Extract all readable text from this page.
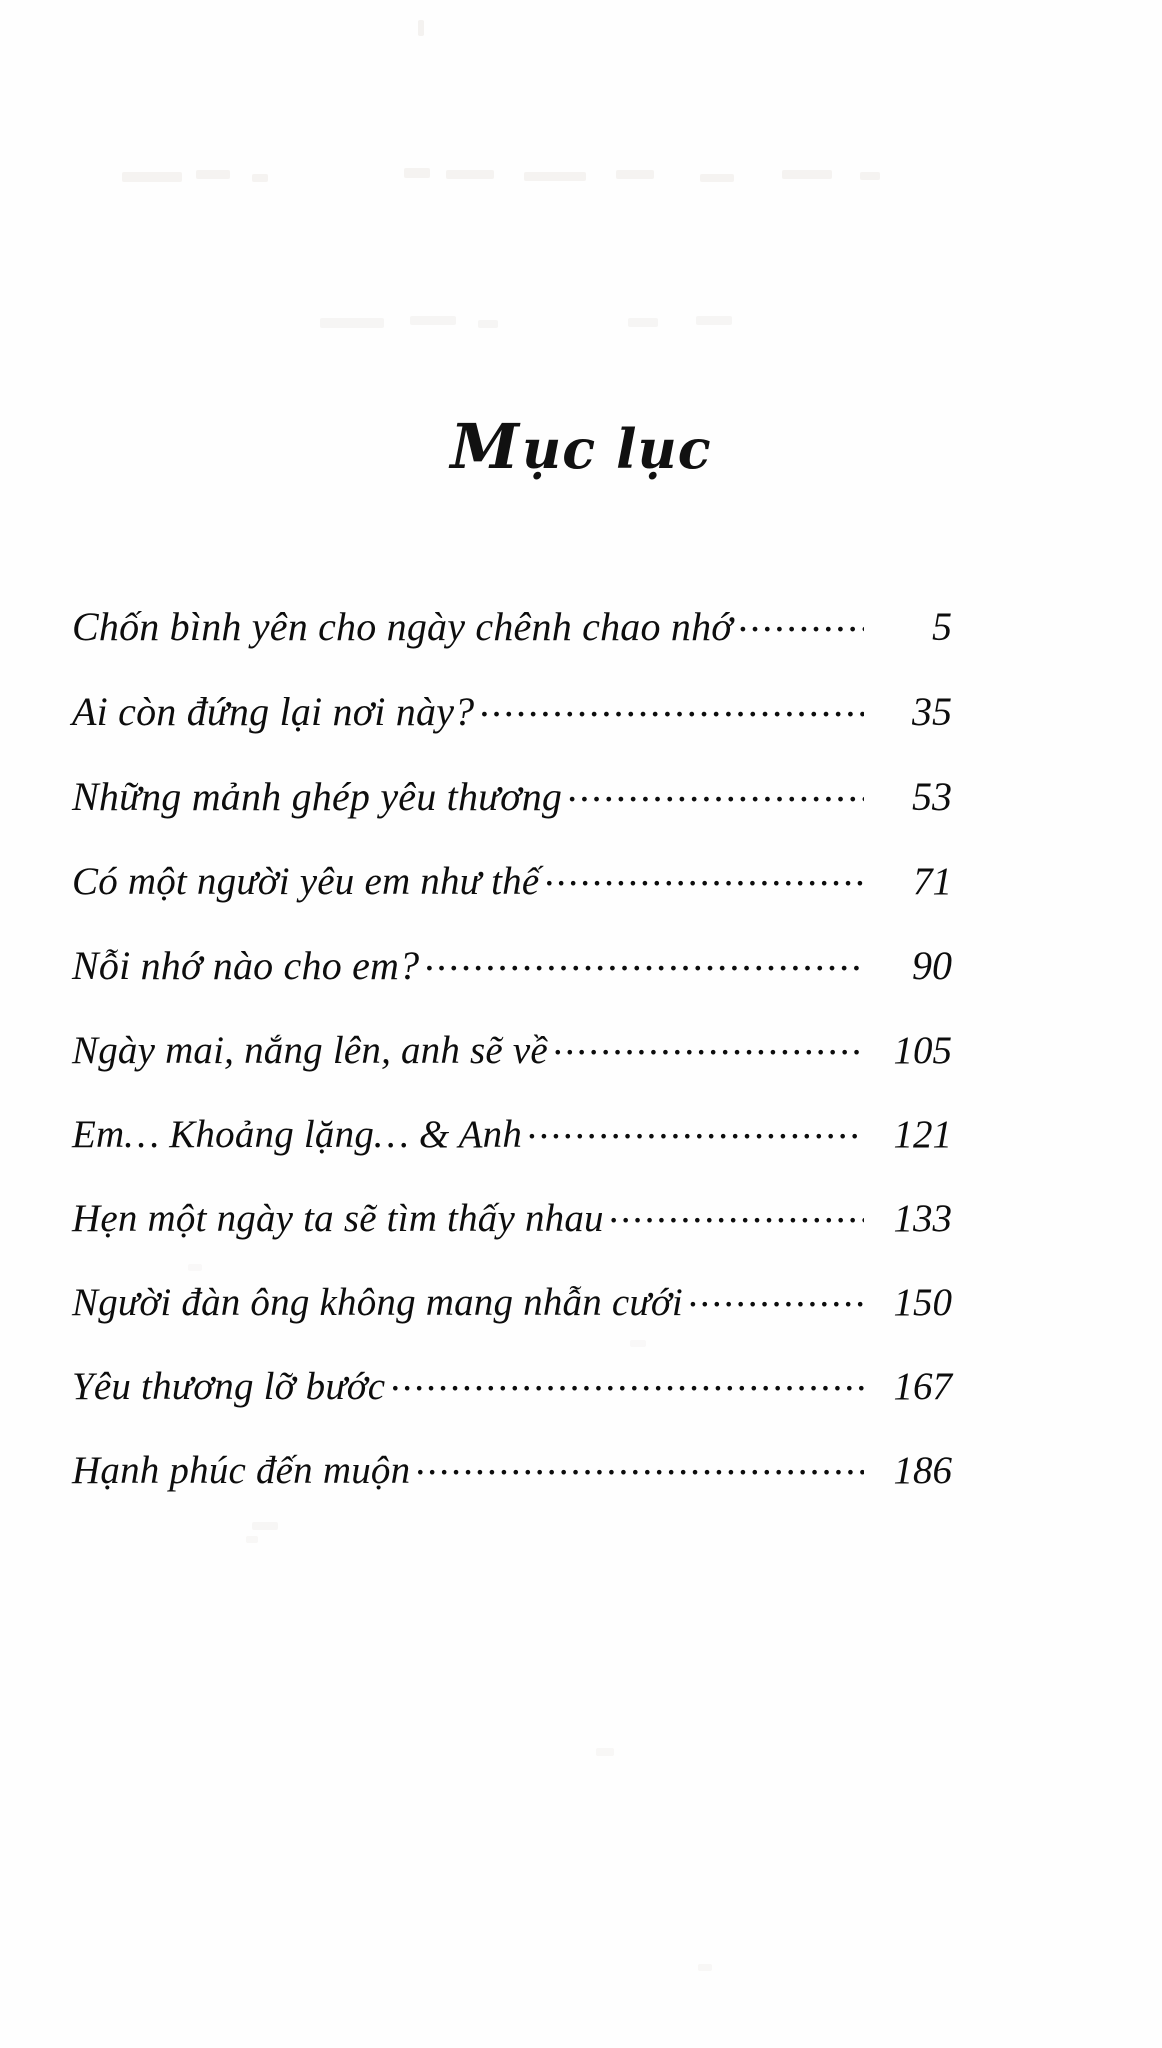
Mục lục
Chốn bình yên cho ngày chênh chao nhớ .....	5
Ai còn đứng lại nơi này? .....	35
Những mảnh ghép yêu thương .....	53
Có một người yêu em như thế .....	71
Nỗi nhớ nào cho em? .....	90
Ngày mai, nắng lên, anh sẽ về .....	105
Em… Khoảng lặng… & Anh .....	121
Hẹn một ngày ta sẽ tìm thấy nhau .....	133
Người đàn ông không mang nhẫn cưới .....	150
Yêu thương lỡ bước .....	167
Hạnh phúc đến muộn .....	186
